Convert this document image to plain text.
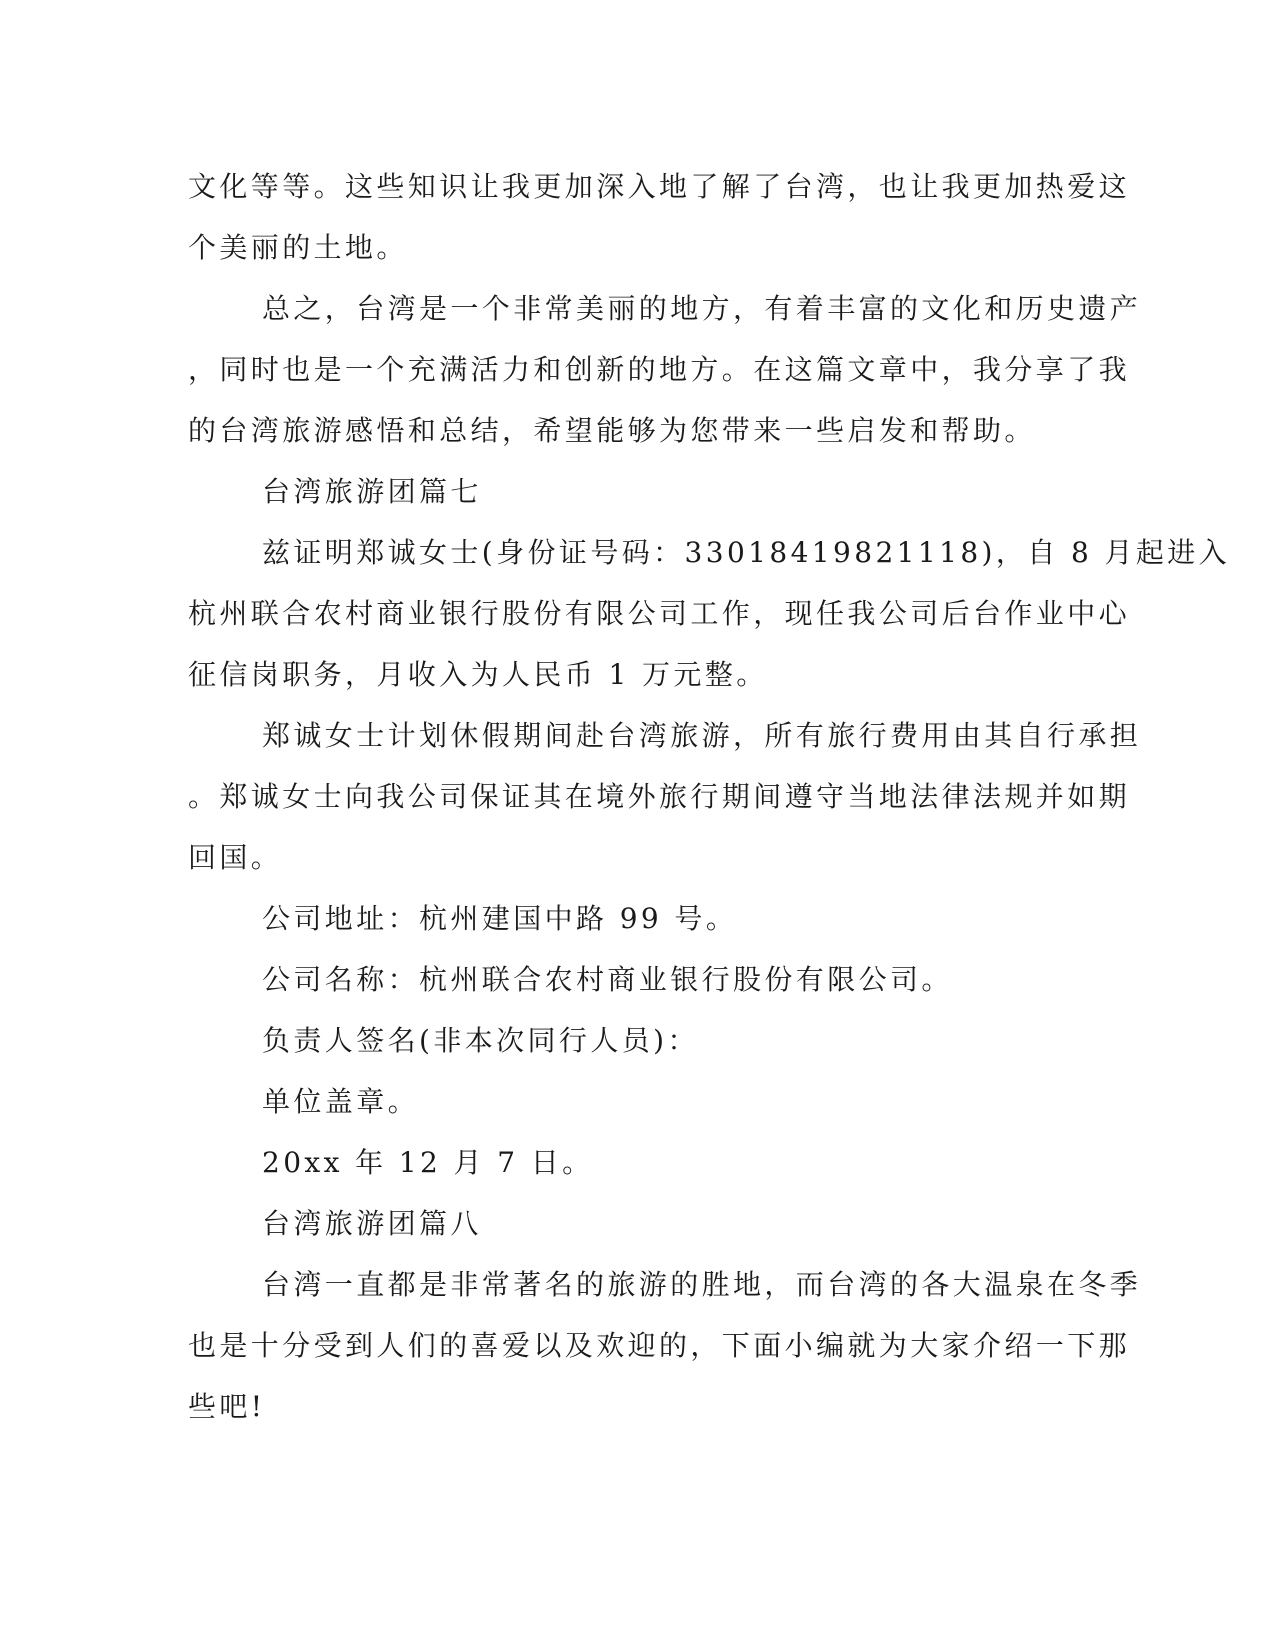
文化等等。这些知识让我更加深入地了解了台湾，也让我更加热爱这
个美丽的土地。
总之，台湾是一个非常美丽的地方，有着丰富的文化和历史遗产
，同时也是一个充满活力和创新的地方。在这篇文章中，我分享了我
的台湾旅游感悟和总结，希望能够为您带来一些启发和帮助。
台湾旅游团篇七
兹证明郑诚女士(身份证号码：33018419821118)，自 8 月起进入
杭州联合农村商业银行股份有限公司工作，现任我公司后台作业中心
征信岗职务，月收入为人民币 1 万元整。
郑诚女士计划休假期间赴台湾旅游，所有旅行费用由其自行承担
。郑诚女士向我公司保证其在境外旅行期间遵守当地法律法规并如期
回国。
公司地址：杭州建国中路 99 号。
公司名称：杭州联合农村商业银行股份有限公司。
负责人签名(非本次同行人员)：
单位盖章。
20xx 年 12 月 7 日。
台湾旅游团篇八
台湾一直都是非常著名的旅游的胜地，而台湾的各大温泉在冬季
也是十分受到人们的喜爱以及欢迎的，下面小编就为大家介绍一下那
些吧!
